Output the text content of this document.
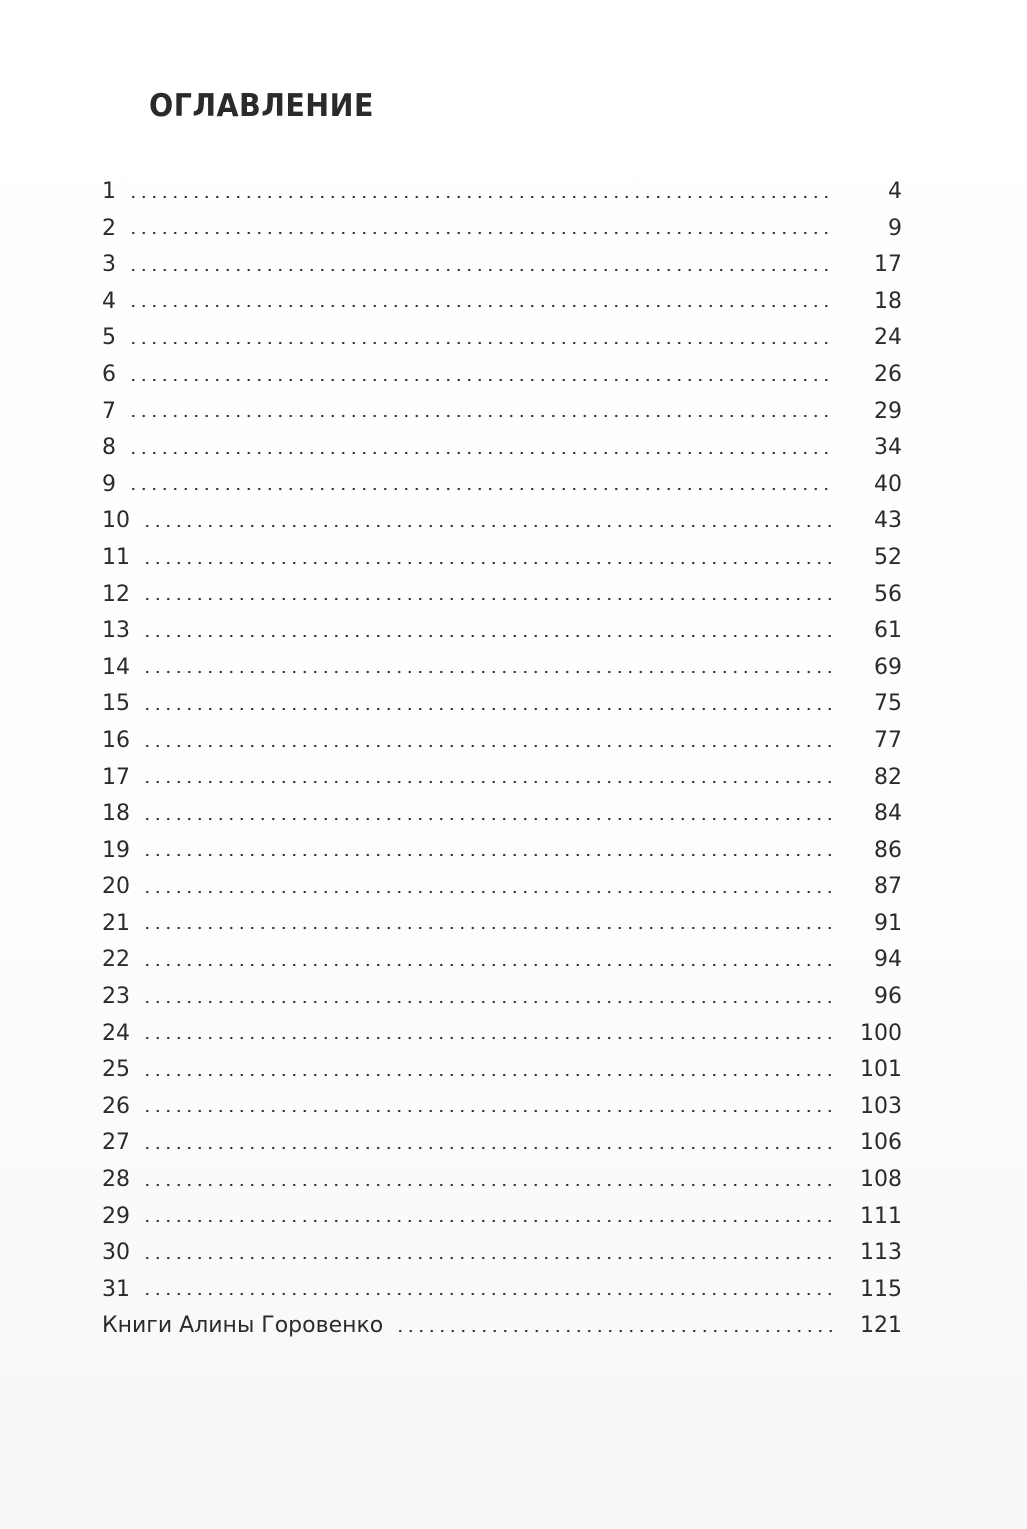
ОГЛАВЛЕНИЕ
1	4
2	9
3	17
4	18
5	24
6	26
7	29
8	34
9	40
10	43
11	52
12	56
13	61
14	69
15	75
16	77
17	82
18	84
19	86
20	87
21	91
22	94
23	96
24	100
25	101
26	103
27	106
28	108
29	111
30	113
31	115
Книги Алины Горовенко	121
